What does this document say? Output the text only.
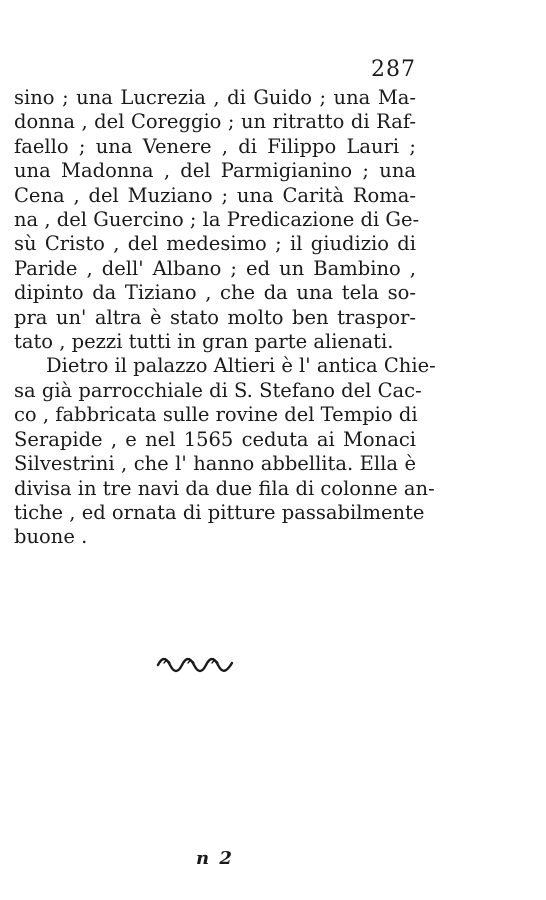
287
sino ; una Lucrezia , di Guido ; una Ma-
donna , del Coreggio ; un ritratto di Raf-
faello ; una Venere , di Filippo Lauri ;
una Madonna , del Parmigianino ; una
Cena , del Muziano ; una Carità Roma-
na , del Guercino ; la Predicazione di Ge-
sù Cristo , del medesimo ; il giudizio di
Paride , dell' Albano ; ed un Bambino ,
dipinto da Tiziano , che da una tela so-
pra un' altra è stato molto ben traspor-
tato , pezzi tutti in gran parte alienati.
Dietro il palazzo Altieri è l' antica Chie-
sa già parrocchiale di S. Stefano del Cac-
co , fabbricata sulle rovine del Tempio di
Serapide , e nel 1565 ceduta ai Monaci
Silvestrini , che l' hanno abbellita. Ella è
divisa in tre navi da due fila di colonne an-
tiche , ed ornata di pitture passabilmente
buone .
n 2
